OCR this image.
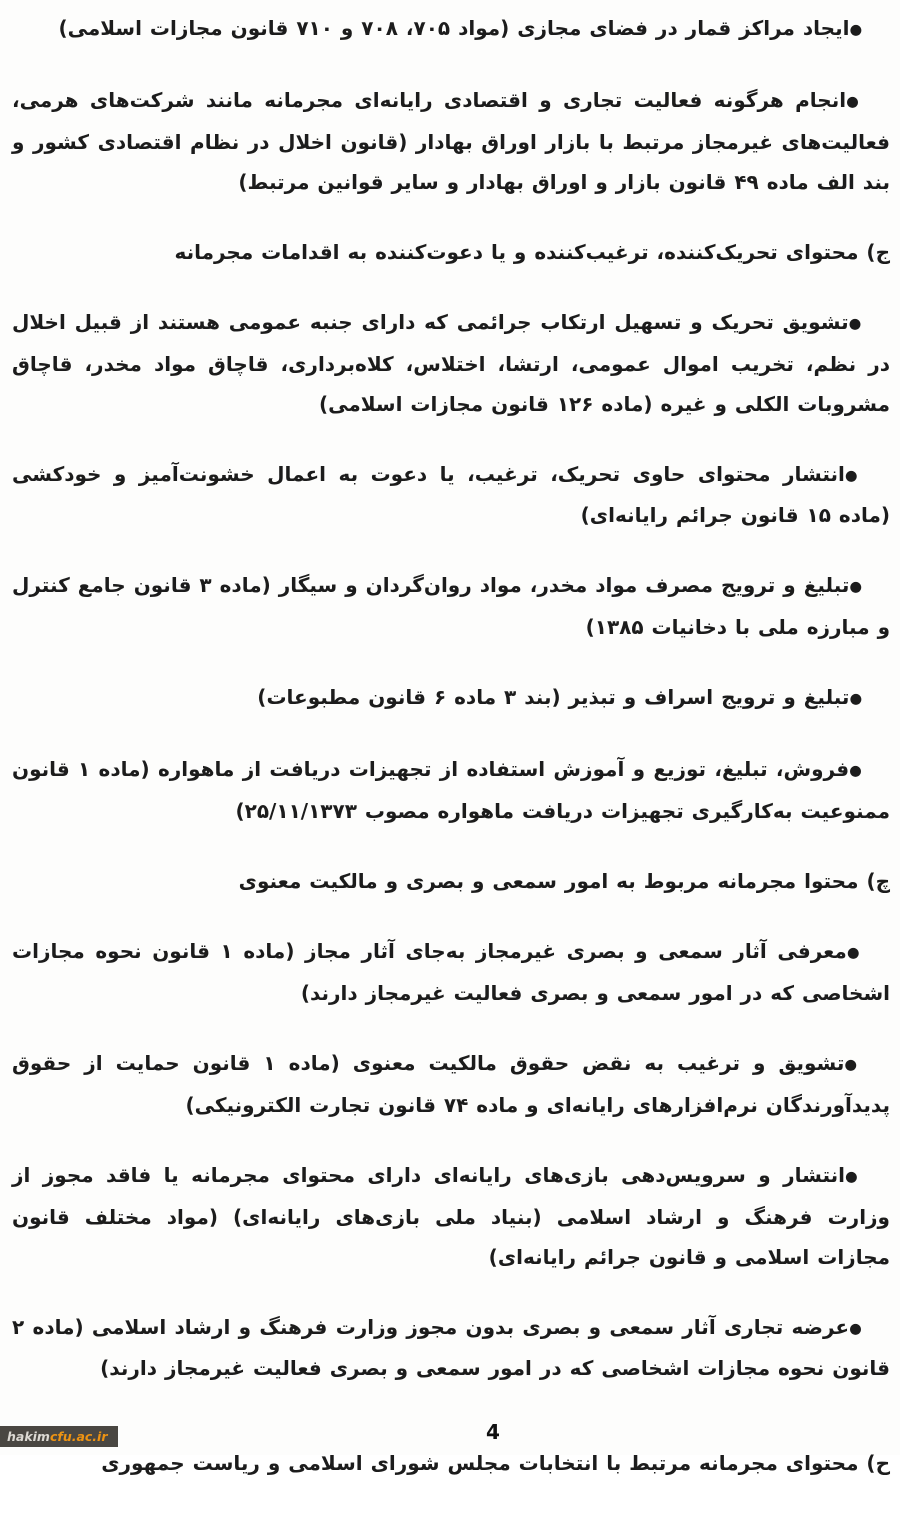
●ایجاد مراکز قمار در فضای مجازی (مواد ۷۰۵، ۷۰۸ و ۷۱۰ قانون مجازات اسلامی)

●انجام هرگونه فعالیت تجاری و اقتصادی رایانه‌ای مجرمانه مانند شرکت‌های هرمی، فعالیت‌های غیرمجاز مرتبط با بازار اوراق بهادار (قانون اخلال در نظام اقتصادی کشور و بند الف ماده ۴۹ قانون بازار و اوراق بهادار و سایر قوانین مرتبط)

ج) محتوای تحریک‌کننده، ترغیب‌کننده و یا دعوت‌کننده به اقدامات مجرمانه

●تشویق تحریک و تسهیل ارتکاب جرائمی که دارای جنبه عمومی هستند از قبیل اخلال در نظم، تخریب اموال عمومی، ارتشا، اختلاس، کلاه‌برداری، قاچاق مواد مخدر، قاچاق مشروبات الکلی و غیره (ماده ۱۲۶ قانون مجازات اسلامی)

●انتشار محتوای حاوی تحریک، ترغیب، یا دعوت به اعمال خشونت‌آمیز و خودکشی (ماده ۱۵ قانون جرائم رایانه‌ای)

●تبلیغ و ترویج مصرف مواد مخدر، مواد روان‌گردان و سیگار (ماده ۳ قانون جامع کنترل و مبارزه ملی با دخانیات ۱۳۸۵)

●تبلیغ و ترویج اسراف و تبذیر (بند ۳ ماده ۶ قانون مطبوعات)

●فروش، تبلیغ، توزیع و آموزش استفاده از تجهیزات دریافت از ماهواره (ماده ۱ قانون ممنوعیت به‌کارگیری تجهیزات دریافت ماهواره مصوب ۲۵/۱۱/۱۳۷۳)

چ) محتوا مجرمانه مربوط به امور سمعی و بصری و مالکیت معنوی

●معرفی آثار سمعی و بصری غیرمجاز به‌جای آثار مجاز (ماده ۱ قانون نحوه مجازات اشخاصی که در امور سمعی و بصری فعالیت غیرمجاز دارند)

●تشویق و ترغیب به نقض حقوق مالکیت معنوی (ماده ۱ قانون حمایت از حقوق پدیدآورندگان نرم‌افزارهای رایانه‌ای و ماده ۷۴ قانون تجارت الکترونیکی)

●انتشار و سرویس‌دهی بازی‌های رایانه‌ای دارای محتوای مجرمانه یا فاقد مجوز از وزارت فرهنگ و ارشاد اسلامی (بنیاد ملی بازی‌های رایانه‌ای) (مواد مختلف قانون مجازات اسلامی و قانون جرائم رایانه‌ای)

●عرضه تجاری آثار سمعی و بصری بدون مجوز وزارت فرهنگ و ارشاد اسلامی (ماده ۲ قانون نحوه مجازات اشخاصی که در امور سمعی و بصری فعالیت غیرمجاز دارند)

ح) محتوای مجرمانه مرتبط با انتخابات مجلس شورای اسلامی و ریاست جمهوری

4
hakimcfu.ac.ir
